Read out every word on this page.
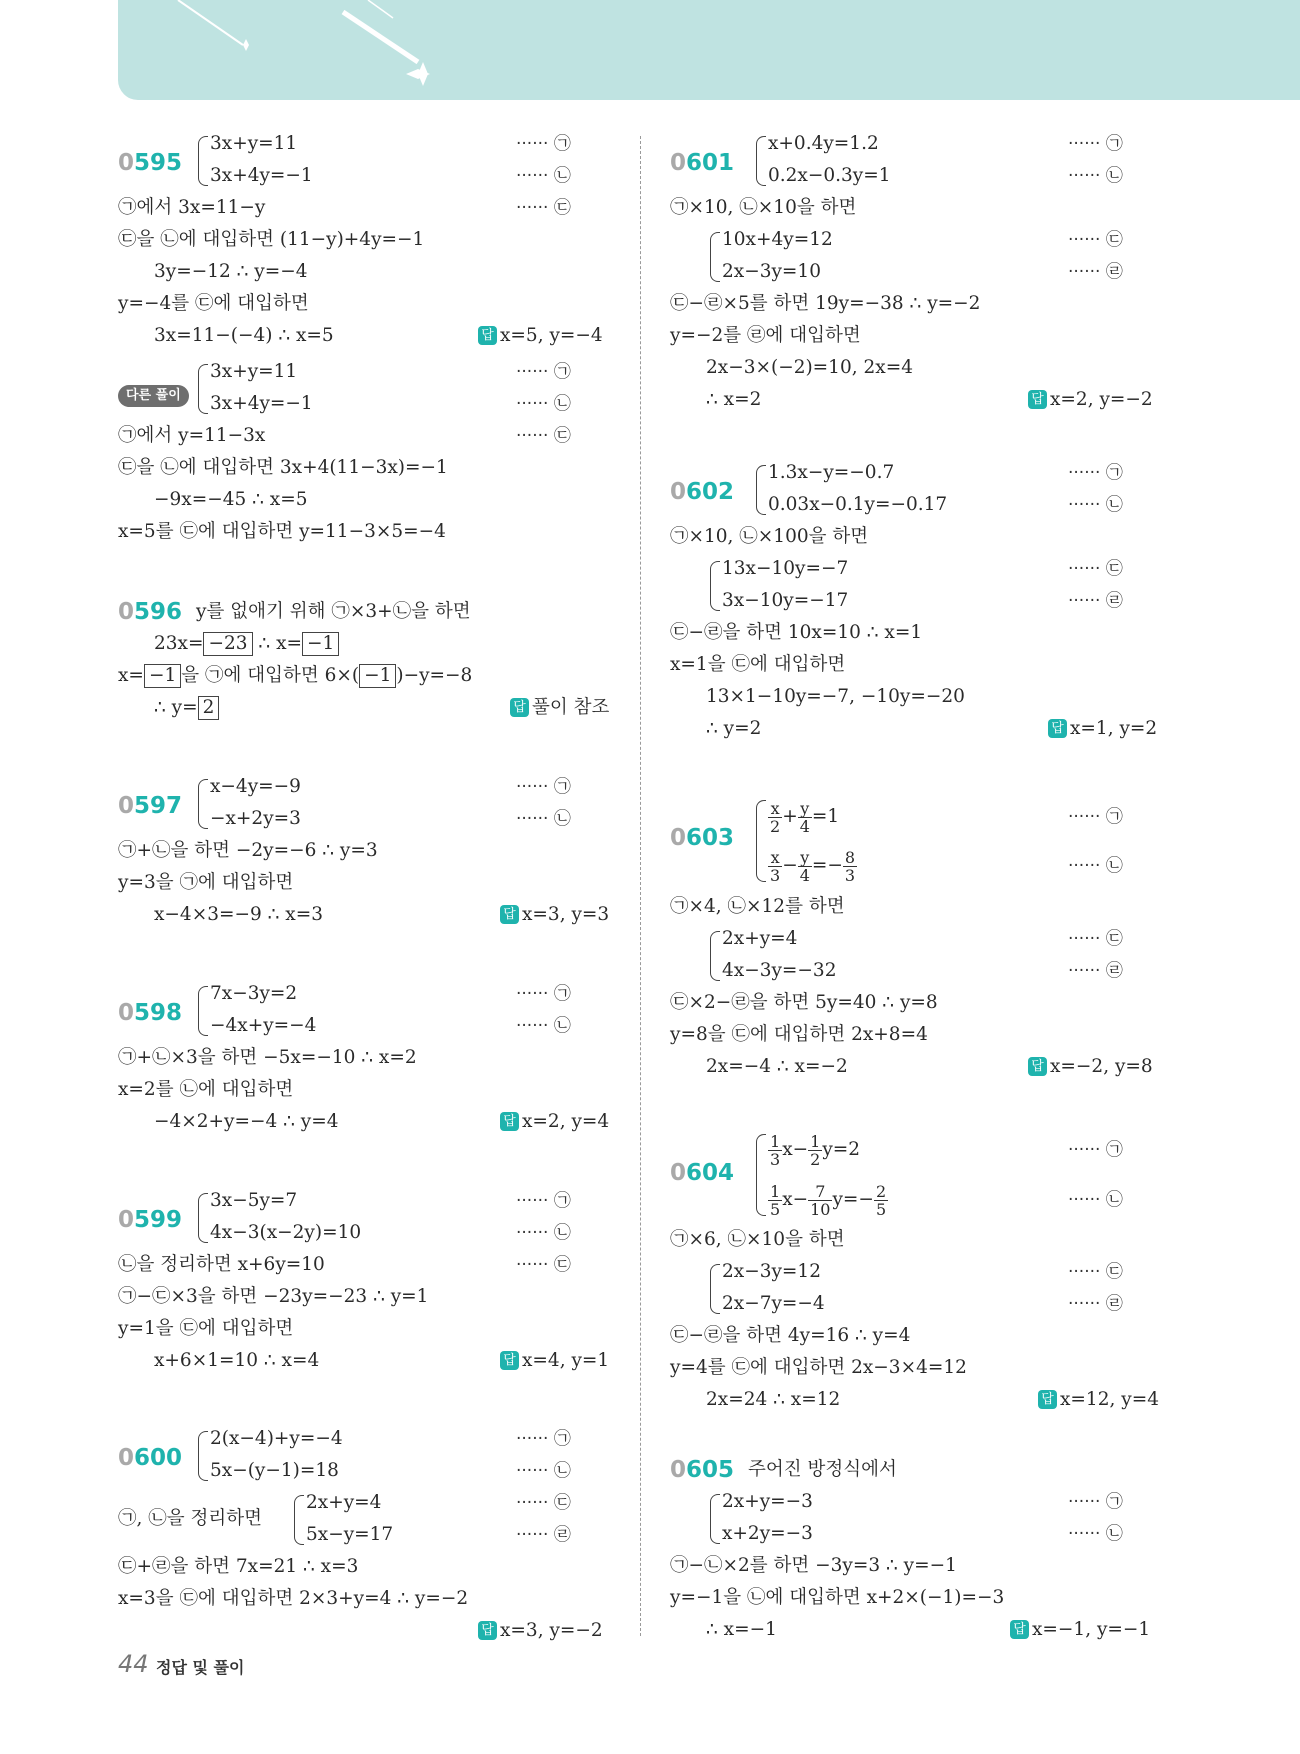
0595
3x+y=11	······ ㉠
3x+4y=−1	······ ㉡
㉠에서 3x=11−y	······ ㉢
㉢을 ㉡에 대입하면 (11−y)+4y=−1
3y=−12 ∴ y=−4
y=−4를 ㉢에 대입하면
3x=11−(−4) ∴ x=5	답 x=5, y=−4
다른 풀이
3x+y=11	······ ㉠
3x+4y=−1	······ ㉡
㉠에서 y=11−3x	······ ㉢
㉢을 ㉡에 대입하면 3x+4(11−3x)=−1
−9x=−45 ∴ x=5
x=5를 ㉢에 대입하면 y=11−3×5=−4
0596 y를 없애기 위해 ㉠×3+㉡을 하면
23x= −23 ∴ x= −1
x= −1 을 ㉠에 대입하면 6×( −1 )−y=−8
∴ y= 2	답 풀이 참조
0597
x−4y=−9	······ ㉠
−x+2y=3	······ ㉡
㉠+㉡을 하면 −2y=−6 ∴ y=3
y=3을 ㉠에 대입하면
x−4×3=−9 ∴ x=3	답 x=3, y=3
0598
7x−3y=2	······ ㉠
−4x+y=−4	······ ㉡
㉠+㉡×3을 하면 −5x=−10 ∴ x=2
x=2를 ㉡에 대입하면
−4×2+y=−4 ∴ y=4	답 x=2, y=4
0599
3x−5y=7	······ ㉠
4x−3(x−2y)=10	······ ㉡
㉡을 정리하면 x+6y=10	······ ㉢
㉠−㉢×3을 하면 −23y=−23 ∴ y=1
y=1을 ㉢에 대입하면
x+6×1=10 ∴ x=4	답 x=4, y=1
0600
2(x−4)+y=−4	······ ㉠
5x−(y−1)=18	······ ㉡
㉠, ㉡을 정리하면
2x+y=4	······ ㉢
5x−y=17	······ ㉣
㉢+㉣을 하면 7x=21 ∴ x=3
x=3을 ㉢에 대입하면 2×3+y=4 ∴ y=−2
답 x=3, y=−2
0601
x+0.4y=1.2	······ ㉠
0.2x−0.3y=1	······ ㉡
㉠×10, ㉡×10을 하면
10x+4y=12	······ ㉢
2x−3y=10	······ ㉣
㉢−㉣×5를 하면 19y=−38 ∴ y=−2
y=−2를 ㉣에 대입하면
2x−3×(−2)=10, 2x=4
∴ x=2	답 x=2, y=−2
0602
1.3x−y=−0.7	······ ㉠
0.03x−0.1y=−0.17	······ ㉡
㉠×10, ㉡×100을 하면
13x−10y=−7	······ ㉢
3x−10y=−17	······ ㉣
㉢−㉣을 하면 10x=10 ∴ x=1
x=1을 ㉢에 대입하면
13×1−10y=−7, −10y=−20
∴ y=2	답 x=1, y=2
0603
$\frac{x}{2} + \frac{y}{4} =1$	······ ㉠
$\frac{x}{3} - \frac{y}{4} =- \frac{8}{3}$	······ ㉡
㉠×4, ㉡×12를 하면
2x+y=4	······ ㉢
4x−3y=−32	······ ㉣
㉢×2−㉣을 하면 5y=40 ∴ y=8
y=8을 ㉢에 대입하면 2x+8=4
2x=−4 ∴ x=−2	답 x=−2, y=8
0604
$\frac{1}{3} x- \frac{1}{2} y=2$	······ ㉠
$\frac{1}{5} x- \frac{7}{10} y=- \frac{2}{5}$	······ ㉡
㉠×6, ㉡×10을 하면
2x−3y=12	······ ㉢
2x−7y=−4	······ ㉣
㉢−㉣을 하면 4y=16 ∴ y=4
y=4를 ㉢에 대입하면 2x−3×4=12
2x=24 ∴ x=12	답 x=12, y=4
0605 주어진 방정식에서
2x+y=−3	······ ㉠
x+2y=−3	······ ㉡
㉠−㉡×2를 하면 −3y=3 ∴ y=−1
y=−1을 ㉡에 대입하면 x+2×(−1)=−3
∴ x=−1	답 x=−1, y=−1
44 정답 및 풀이
